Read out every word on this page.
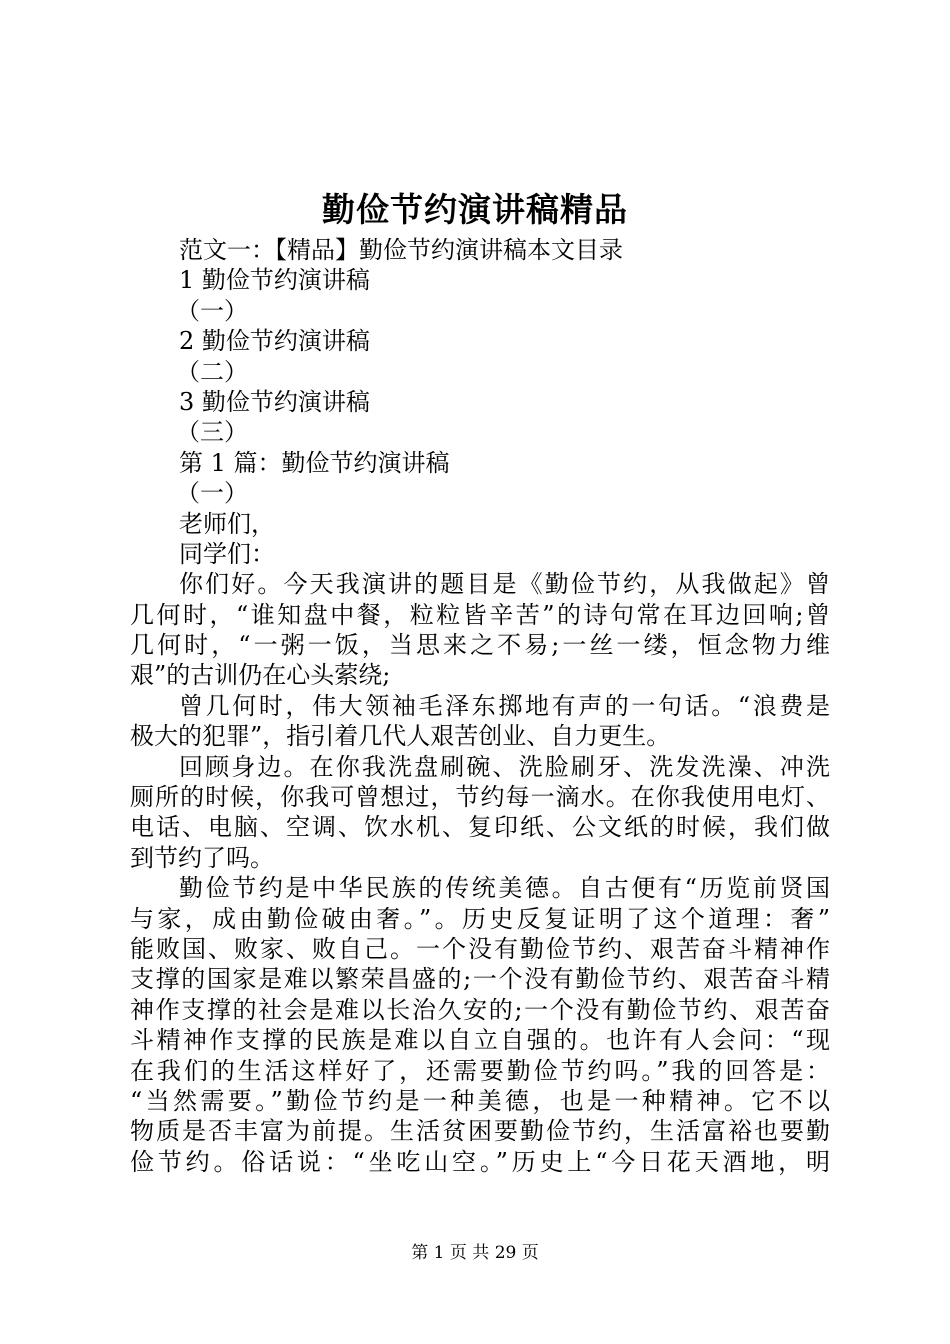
勤俭节约演讲稿精品

范文一：【精品】勤俭节约演讲稿本文目录

1 勤俭节约演讲稿

（一）

2 勤俭节约演讲稿

（二）

3 勤俭节约演讲稿

（三）

第 1 篇：勤俭节约演讲稿

（一）

老师们，

同学们：

你们好。今天我演讲的题目是《勤俭节约，从我做起》曾

几何时，“谁知盘中餐，粒粒皆辛苦”的诗句常在耳边回响;曾

几何时，“一粥一饭，当思来之不易;一丝一缕，恒念物力维

艰”的古训仍在心头萦绕;

曾几何时，伟大领袖毛泽东掷地有声的一句话。“浪费是

极大的犯罪”，指引着几代人艰苦创业、自力更生。

回顾身边。在你我洗盘刷碗、洗脸刷牙、洗发洗澡、冲洗

厕所的时候，你我可曾想过，节约每一滴水。在你我使用电灯、

电话、电脑、空调、饮水机、复印纸、公文纸的时候，我们做

到节约了吗。

勤俭节约是中华民族的传统美德。自古便有“历览前贤国

与家，成由勤俭破由奢。”。历史反复证明了这个道理：奢”

能败国、败家、败自己。一个没有勤俭节约、艰苦奋斗精神作

支撑的国家是难以繁荣昌盛的;一个没有勤俭节约、艰苦奋斗精

神作支撑的社会是难以长治久安的;一个没有勤俭节约、艰苦奋

斗精神作支撑的民族是难以自立自强的。也许有人会问：“现

在我们的生活这样好了，还需要勤俭节约吗。”我的回答是：

“当然需要。”勤俭节约是一种美德，也是一种精神。它不以

物质是否丰富为前提。生活贫困要勤俭节约，生活富裕也要勤

俭节约。俗话说：“坐吃山空。”历史上“今日花天酒地，明

第 1 页 共 29 页
